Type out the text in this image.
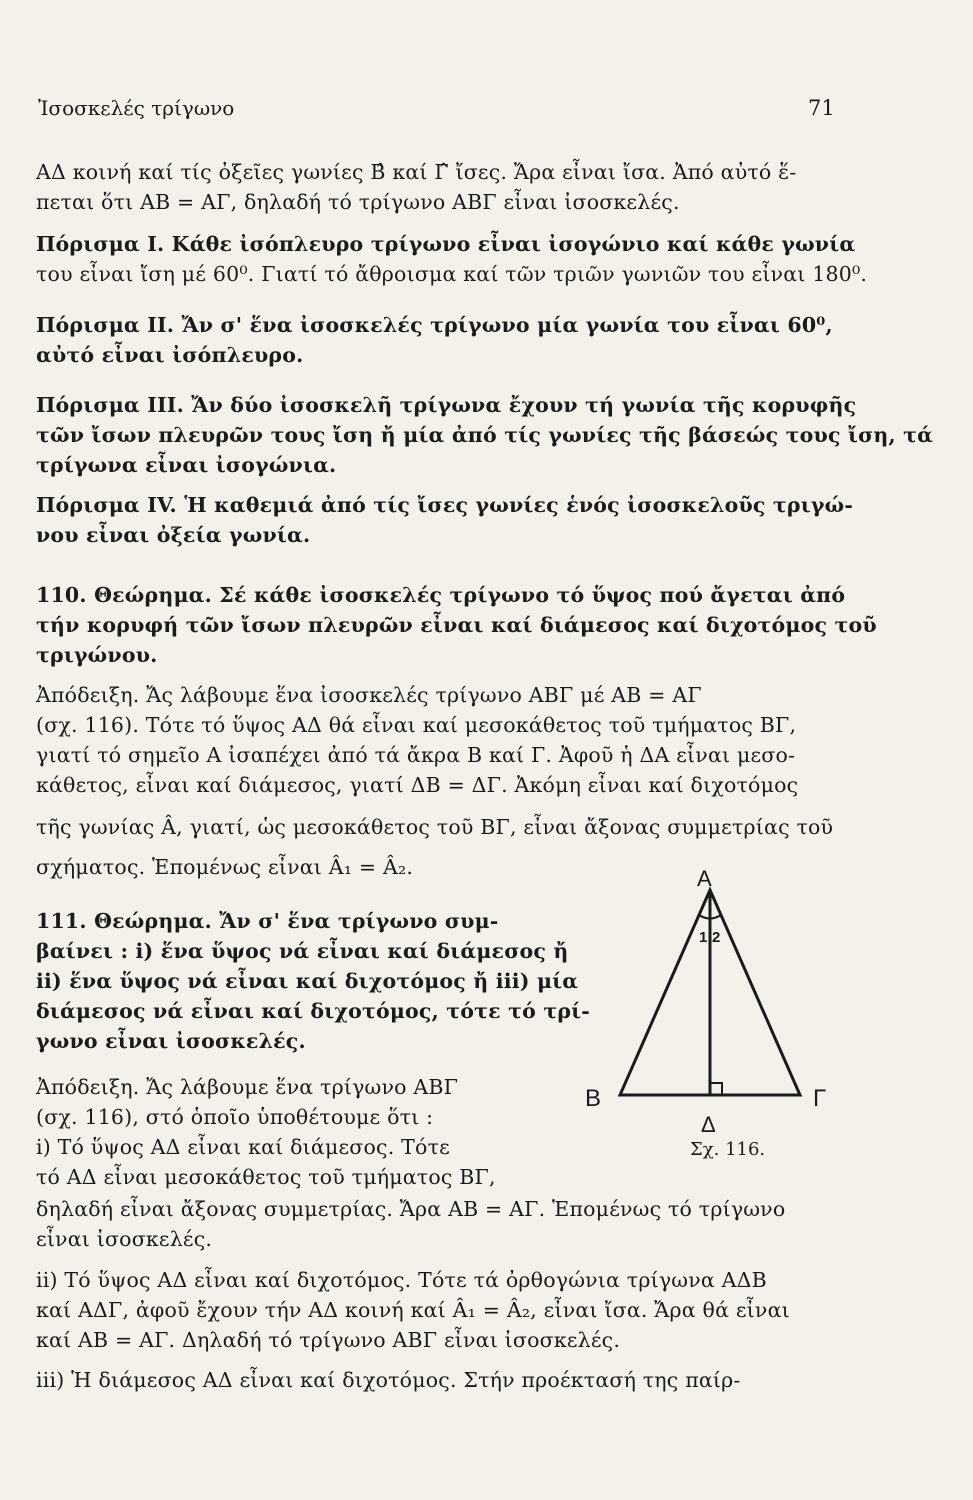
Ἰσοσκελές τρίγωνο	71
ΑΔ κοινή καί τίς ὀξεῖες γωνίες Β̂ καί Γ̂ ἴσες. Ἄρα εἶναι ἴσα. Ἀπό αὐτό ἕ-
πεται ὅτι ΑΒ = ΑΓ, δηλαδή τό τρίγωνο ΑΒΓ εἶναι ἰσοσκελές.
Πόρισμα Ι. Κάθε ἰσόπλευρο τρίγωνο εἶναι ἰσογώνιο καί κάθε γωνία
του εἶναι ἴση μέ 60⁰. Γιατί τό ἄθροισμα καί τῶν τριῶν γωνιῶν του εἶναι 180⁰.
Πόρισμα ΙΙ. Ἄν σ' ἕνα ἰσοσκελές τρίγωνο μία γωνία του εἶναι 60⁰,
αὐτό εἶναι ἰσόπλευρο.
Πόρισμα ΙΙΙ. Ἄν δύο ἰσοσκελῆ τρίγωνα ἔχουν τή γωνία τῆς κορυφῆς
τῶν ἴσων πλευρῶν τους ἴση ἤ μία ἀπό τίς γωνίες τῆς βάσεώς τους ἴση, τά
τρίγωνα εἶναι ἰσογώνια.
Πόρισμα IV. Ἡ καθεμιά ἀπό τίς ἴσες γωνίες ἑνός ἰσοσκελοῦς τριγώ-
νου εἶναι ὀξεία γωνία.
110. Θεώρημα. Σέ κάθε ἰσοσκελές τρίγωνο τό ὕψος πού ἄγεται ἀπό
τήν κορυφή τῶν ἴσων πλευρῶν εἶναι καί διάμεσος καί διχοτόμος τοῦ
τριγώνου.
Ἀπόδειξη. Ἄς λάβουμε ἕνα ἰσοσκελές τρίγωνο ΑΒΓ μέ ΑΒ = ΑΓ
(σχ. 116). Τότε τό ὕψος ΑΔ θά εἶναι καί μεσοκάθετος τοῦ τμήματος ΒΓ,
γιατί τό σημεῖο Α ἰσαπέχει ἀπό τά ἄκρα Β καί Γ. Ἀφοῦ ἡ ΔΑ εἶναι μεσο-
κάθετος, εἶναι καί διάμεσος, γιατί ΔΒ = ΔΓ. Ἀκόμη εἶναι καί διχοτόμος
τῆς γωνίας Â, γιατί, ὡς μεσοκάθετος τοῦ ΒΓ, εἶναι ἄξονας συμμετρίας τοῦ
σχήματος. Ἑπομένως εἶναι Â₁ = Â₂.
111. Θεώρημα. Ἄν σ' ἕνα τρίγωνο συμ-
βαίνει : i) ἕνα ὕψος νά εἶναι καί διάμεσος ἤ
ii) ἕνα ὕψος νά εἶναι καί διχοτόμος ἤ iii) μία
διάμεσος νά εἶναι καί διχοτόμος, τότε τό τρί-
γωνο εἶναι ἰσοσκελές.
Ἀπόδειξη. Ἄς λάβουμε ἕνα τρίγωνο ΑΒΓ
(σχ. 116), στό ὁποῖο ὑποθέτουμε ὅτι :
i) Τό ὕψος ΑΔ εἶναι καί διάμεσος. Τότε
τό ΑΔ εἶναι μεσοκάθετος τοῦ τμήματος ΒΓ,
δηλαδή εἶναι ἄξονας συμμετρίας. Ἄρα ΑΒ = ΑΓ. Ἑπομένως τό τρίγωνο
εἶναι ἰσοσκελές.
ii) Τό ὕψος ΑΔ εἶναι καί διχοτόμος. Τότε τά ὀρθογώνια τρίγωνα ΑΔΒ
καί ΑΔΓ, ἀφοῦ ἔχουν τήν ΑΔ κοινή καί Â₁ = Â₂, εἶναι ἴσα. Ἄρα θά εἶναι
καί ΑΒ = ΑΓ. Δηλαδή τό τρίγωνο ΑΒΓ εἶναι ἰσοσκελές.
iii) Ἡ διάμεσος ΑΔ εἶναι καί διχοτόμος. Στήν προέκτασή της παίρ-
Α
Β	Γ
Δ
1 2
Σχ. 116.
